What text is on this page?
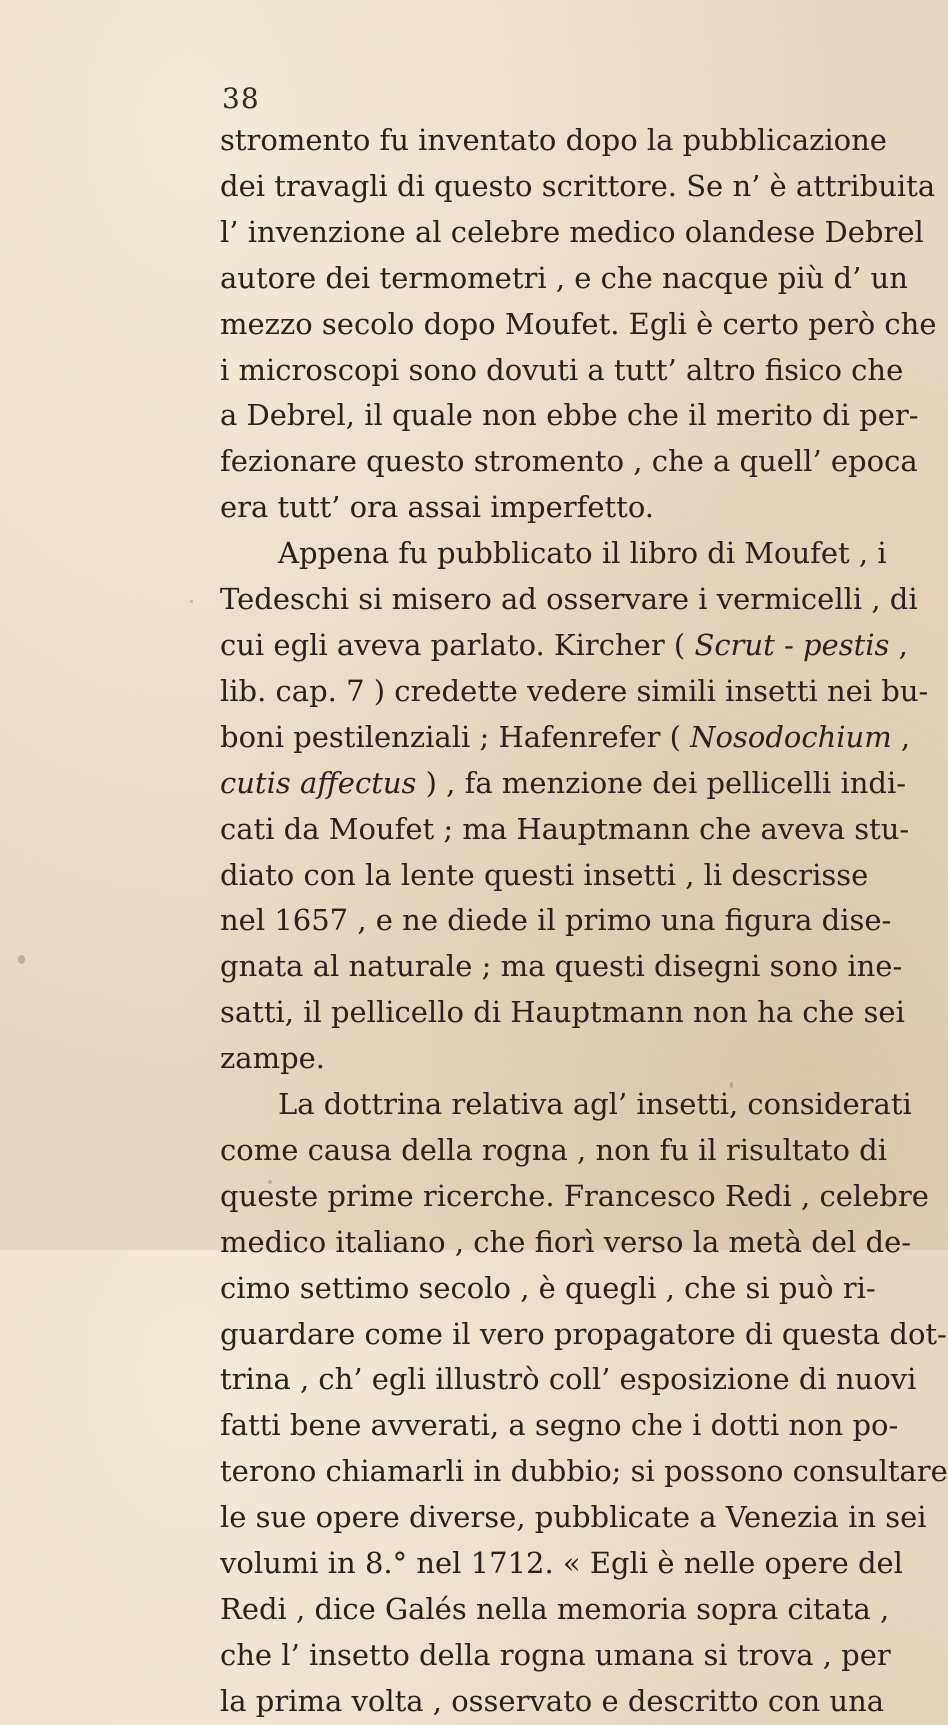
38
stromento fu inventato dopo la pubblicazione
dei travagli di questo scrittore. Se n’ è attribuita
l’ invenzione al celebre medico olandese Debrel
autore dei termometri , e che nacque più d’ un
mezzo secolo dopo Moufet. Egli è certo però che
i microscopi sono dovuti a tutt’ altro fisico che
a Debrel, il quale non ebbe che il merito di per-
fezionare questo stromento , che a quell’ epoca
era tutt’ ora assai imperfetto.
Appena fu pubblicato il libro di Moufet , i
Tedeschi si misero ad osservare i vermicelli , di
cui egli aveva parlato. Kircher ( Scrut - pestis ,
lib. cap. 7 ) credette vedere simili insetti nei bu-
boni pestilenziali ; Hafenrefer ( Nosodochium ,
cutis affectus ) , fa menzione dei pellicelli indi-
cati da Moufet ; ma Hauptmann che aveva stu-
diato con la lente questi insetti , li descrisse
nel 1657 , e ne diede il primo una figura dise-
gnata al naturale ; ma questi disegni sono ine-
satti, il pellicello di Hauptmann non ha che sei
zampe.
La dottrina relativa agl’ insetti, considerati
come causa della rogna , non fu il risultato di
queste prime ricerche. Francesco Redi , celebre
medico italiano , che fiorì verso la metà del de-
cimo settimo secolo , è quegli , che si può ri-
guardare come il vero propagatore di questa dot-
trina , ch’ egli illustrò coll’ esposizione di nuovi
fatti bene avverati, a segno che i dotti non po-
terono chiamarli in dubbio; si possono consultare
le sue opere diverse, pubblicate a Venezia in sei
volumi in 8.° nel 1712. « Egli è nelle opere del
Redi , dice Galés nella memoria sopra citata ,
che l’ insetto della rogna umana si trova , per
la prima volta , osservato e descritto con una
